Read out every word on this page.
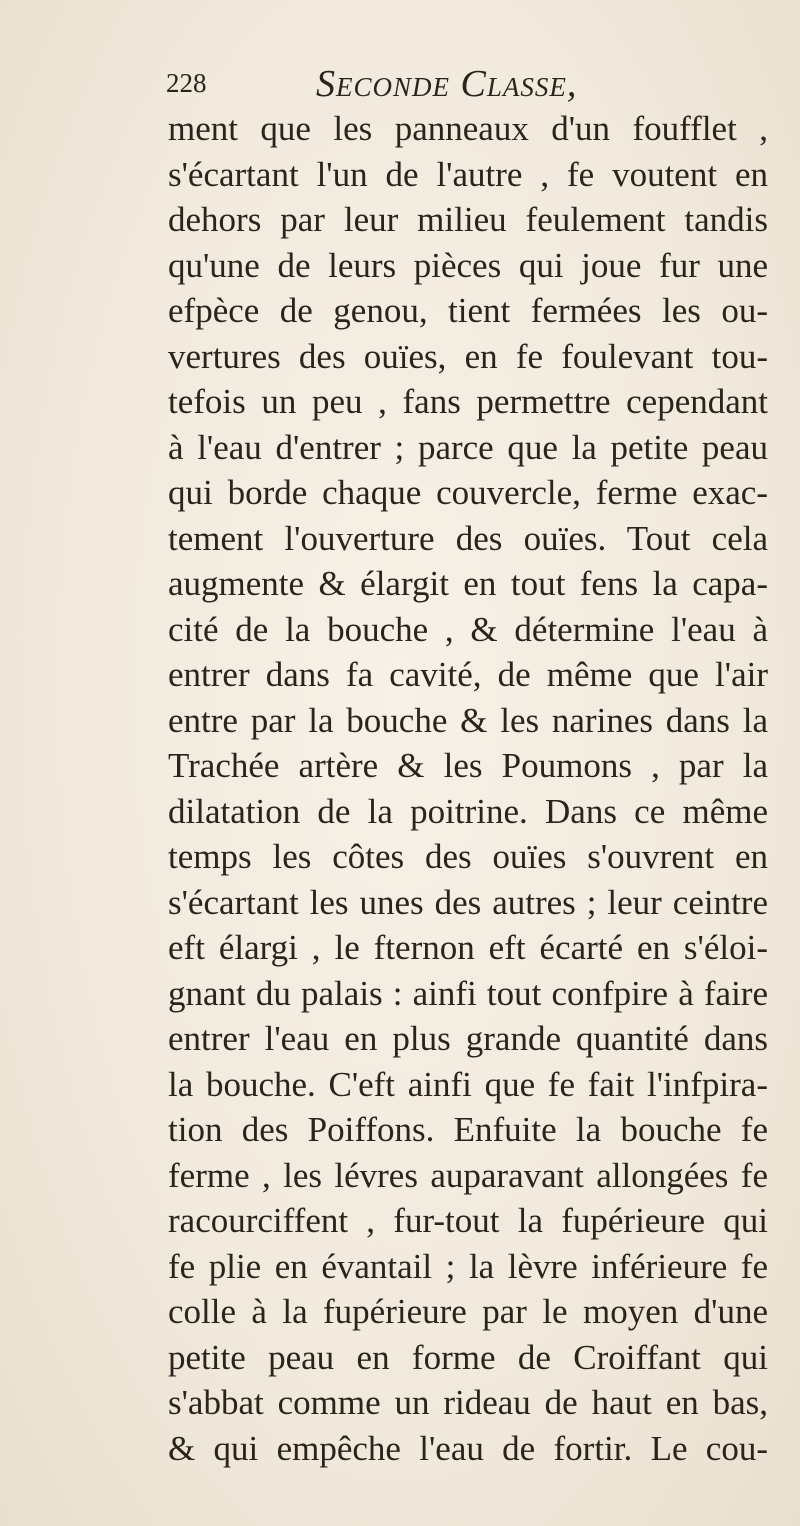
228	Seconde Classe,
ment que les panneaux d'un foufflet ,
s'écartant l'un de l'autre , fe voutent en
dehors par leur milieu feulement tandis
qu'une de leurs pièces qui joue fur une
efpèce de genou, tient fermées les ou-
vertures des ouïes, en fe foulevant tou-
tefois un peu , fans permettre cependant
à l'eau d'entrer ; parce que la petite peau
qui borde chaque couvercle, ferme exac-
tement l'ouverture des ouïes. Tout cela
augmente & élargit en tout fens la capa-
cité de la bouche , & détermine l'eau à
entrer dans fa cavité, de même que l'air
entre par la bouche & les narines dans la
Trachée artère & les Poumons , par la
dilatation de la poitrine. Dans ce même
temps les côtes des ouïes s'ouvrent en
s'écartant les unes des autres ; leur ceintre
eft élargi , le fternon eft écarté en s'éloi-
gnant du palais : ainfi tout confpire à faire
entrer l'eau en plus grande quantité dans
la bouche. C'eft ainfi que fe fait l'infpira-
tion des Poiffons. Enfuite la bouche fe
ferme , les lévres auparavant allongées fe
racourciffent , fur-tout la fupérieure qui
fe plie en évantail ; la lèvre inférieure fe
colle à la fupérieure par le moyen d'une
petite peau en forme de Croiffant qui
s'abbat comme un rideau de haut en bas,
& qui empêche l'eau de fortir. Le cou-
